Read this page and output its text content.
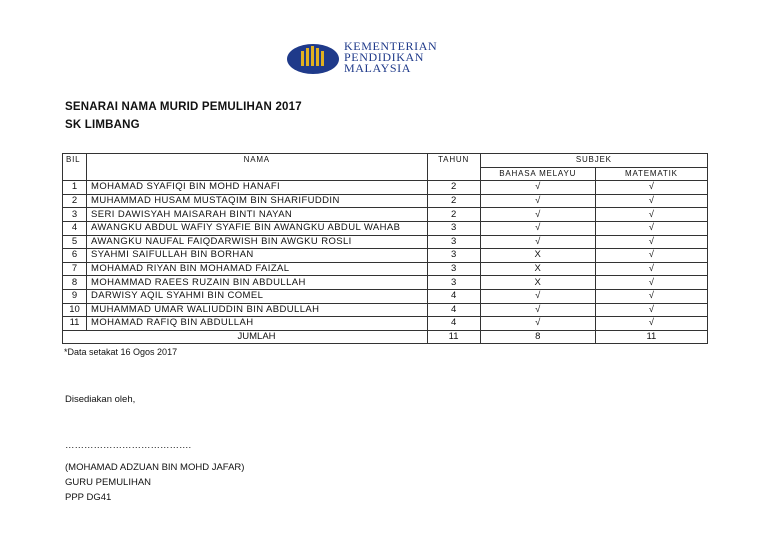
KEMENTERIAN
PENDIDIKAN
MALAYSIA
SENARAI NAMA MURID PEMULIHAN 2017
SK LIMBANG
BIL	NAMA	TAHUN	SUBJEK	
			BAHASA MELAYU	MATEMATIK
1	MOHAMAD SYAFIQI BIN MOHD HANAFI	2	√	√
2	MUHAMMAD HUSAM MUSTAQIM BIN SHARIFUDDIN	2	√	√
3	SERI DAWISYAH MAISARAH BINTI NAYAN	2	√	√
4	AWANGKU ABDUL WAFIY SYAFIE BIN AWANGKU ABDUL WAHAB	3	√	√
5	AWANGKU NAUFAL FAIQDARWISH BIN AWGKU ROSLI	3	√	√
6	SYAHMI SAIFULLAH BIN BORHAN	3	X	√
7	MOHAMAD RIYAN BIN MOHAMAD FAIZAL	3	X	√
8	MOHAMMAD RAEES RUZAIN BIN ABDULLAH	3	X	√
9	DARWISY AQIL SYAHMI BIN COMEL	4	√	√
10	MUHAMMAD UMAR WALIUDDIN BIN ABDULLAH	4	√	√
11	MOHAMAD RAFIQ BIN ABDULLAH	4	√	√
	JUMLAH	11	8	11
*Data setakat 16 Ogos 2017
Disediakan oleh,
………………………………….
(MOHAMAD ADZUAN BIN MOHD JAFAR)
GURU PEMULIHAN
PPP DG41
